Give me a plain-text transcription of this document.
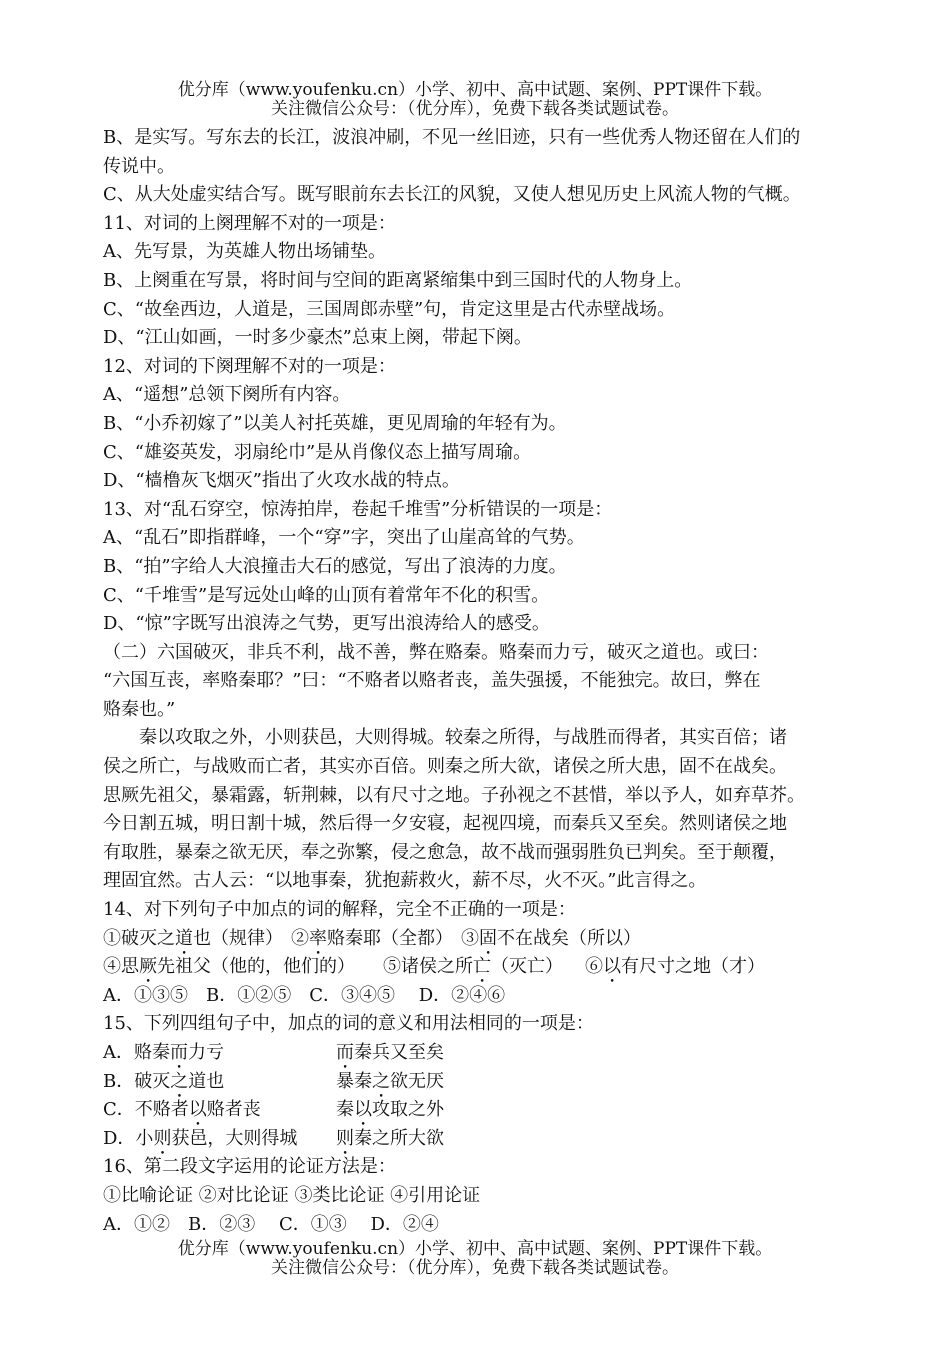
优分库（www.youfenku.cn）小学、初中、高中试题、案例、PPT课件下载。
关注微信公众号：（优分库），免费下载各类试题试卷。
B、是实写。写东去的长江，波浪冲刷，不见一丝旧迹，只有一些优秀人物还留在人们的
传说中。
C、从大处虚实结合写。既写眼前东去长江的风貌，又使人想见历史上风流人物的气概。
11、对词的上阕理解不对的一项是：
A、先写景，为英雄人物出场铺垫。
B、上阕重在写景，将时间与空间的距离紧缩集中到三国时代的人物身上。
C、“故垒西边，人道是，三国周郎赤壁”句，肯定这里是古代赤壁战场。
D、“江山如画，一时多少豪杰”总束上阕，带起下阕。
12、对词的下阕理解不对的一项是：
A、“遥想”总领下阕所有内容。
B、“小乔初嫁了”以美人衬托英雄，更见周瑜的年轻有为。
C、“雄姿英发，羽扇纶巾”是从肖像仪态上描写周瑜。
D、“樯橹灰飞烟灭”指出了火攻水战的特点。
13、对“乱石穿空，惊涛拍岸，卷起千堆雪”分析错误的一项是：
A、“乱石”即指群峰，一个“穿”字，突出了山崖高耸的气势。
B、“拍”字给人大浪撞击大石的感觉，写出了浪涛的力度。
C、“千堆雪”是写远处山峰的山顶有着常年不化的积雪。
D、“惊”字既写出浪涛之气势，更写出浪涛给人的感受。
（二）六国破灭，非兵不利，战不善，弊在赂秦。赂秦而力亏，破灭之道也。或曰：
“六国互丧，率赂秦耶？”曰：“不赂者以赂者丧，盖失强援，不能独完。故曰，弊在
赂秦也。”
秦以攻取之外，小则获邑，大则得城。较秦之所得，与战胜而得者，其实百倍；诸
侯之所亡，与战败而亡者，其实亦百倍。则秦之所大欲，诸侯之所大患，固不在战矣。
思厥先祖父，暴霜露，斩荆棘，以有尺寸之地。子孙视之不甚惜，举以予人，如弃草芥。
今日割五城，明日割十城，然后得一夕安寝，起视四境，而秦兵又至矣。然则诸侯之地
有取胜，暴秦之欲无厌，奉之弥繁，侵之愈急，故不战而强弱胜负已判矣。至于颠覆，
理固宜然。古人云：“以地事秦，犹抱薪救火，薪不尽，火不灭。”此言得之。
14、对下列句子中加点的词的解释，完全不正确的一项是：
①破灭之道也（规律） ②率赂秦耶（全都） ③固不在战矣（所以）
④思厥先祖父（他的，他们的） ⑤诸侯之所亡（灭亡） ⑥以有尺寸之地（才）
A．①③⑤　B．①②⑤　C．③④⑤　 D．②④⑥
15、下列四组句子中，加点的词的意义和用法相同的一项是：
A．赂秦而力亏	而秦兵又至矣
B．破灭之道也	暴秦之欲无厌
C．不赂者以赂者丧	秦以攻取之外
D．小则获邑，大则得城 则秦之所大欲
16、第二段文字运用的论证方法是：
①比喻论证 ②对比论证 ③类比论证 ④引用论证
A．①②　B．②③　 C．①③　 D．②④
优分库（www.youfenku.cn）小学、初中、高中试题、案例、PPT课件下载。
关注微信公众号：（优分库），免费下载各类试题试卷。
